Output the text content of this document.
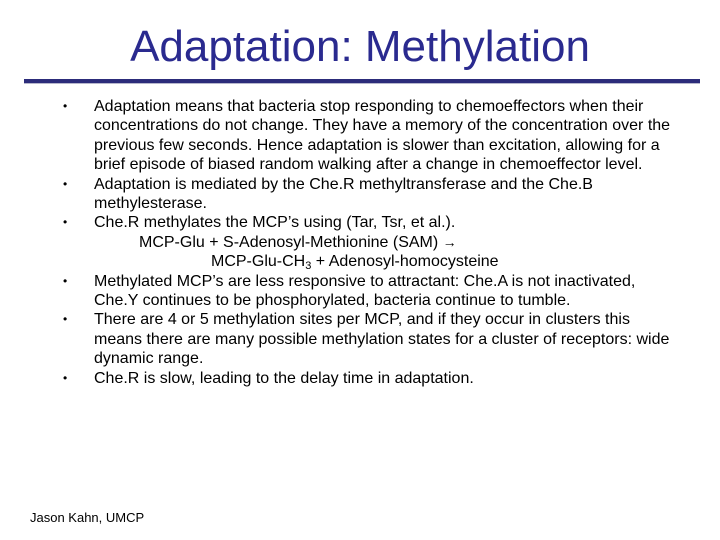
Adaptation: Methylation
• Adaptation means that bacteria stop responding to chemoeffectors when their concentrations do not change. They have a memory of the concentration over the previous few seconds. Hence adaptation is slower than excitation, allowing for a brief episode of biased random walking after a change in chemoeffector level.
• Adaptation is mediated by the Che.R methyltransferase and the Che.B methylesterase.
• Che.R methylates the MCP’s using (Tar, Tsr, et al.).
MCP-Glu + S-Adenosyl-Methionine (SAM) →
MCP-$Glu-CH_3$ + Adenosyl-homocysteine
• Methylated MCP’s are less responsive to attractant: Che.A is not inactivated, Che.Y continues to be phosphorylated, bacteria continue to tumble.
• There are 4 or 5 methylation sites per MCP, and if they occur in clusters this means there are many possible methylation states for a cluster of receptors: wide dynamic range.
• Che.R is slow, leading to the delay time in adaptation.
Jason Kahn, UMCP
